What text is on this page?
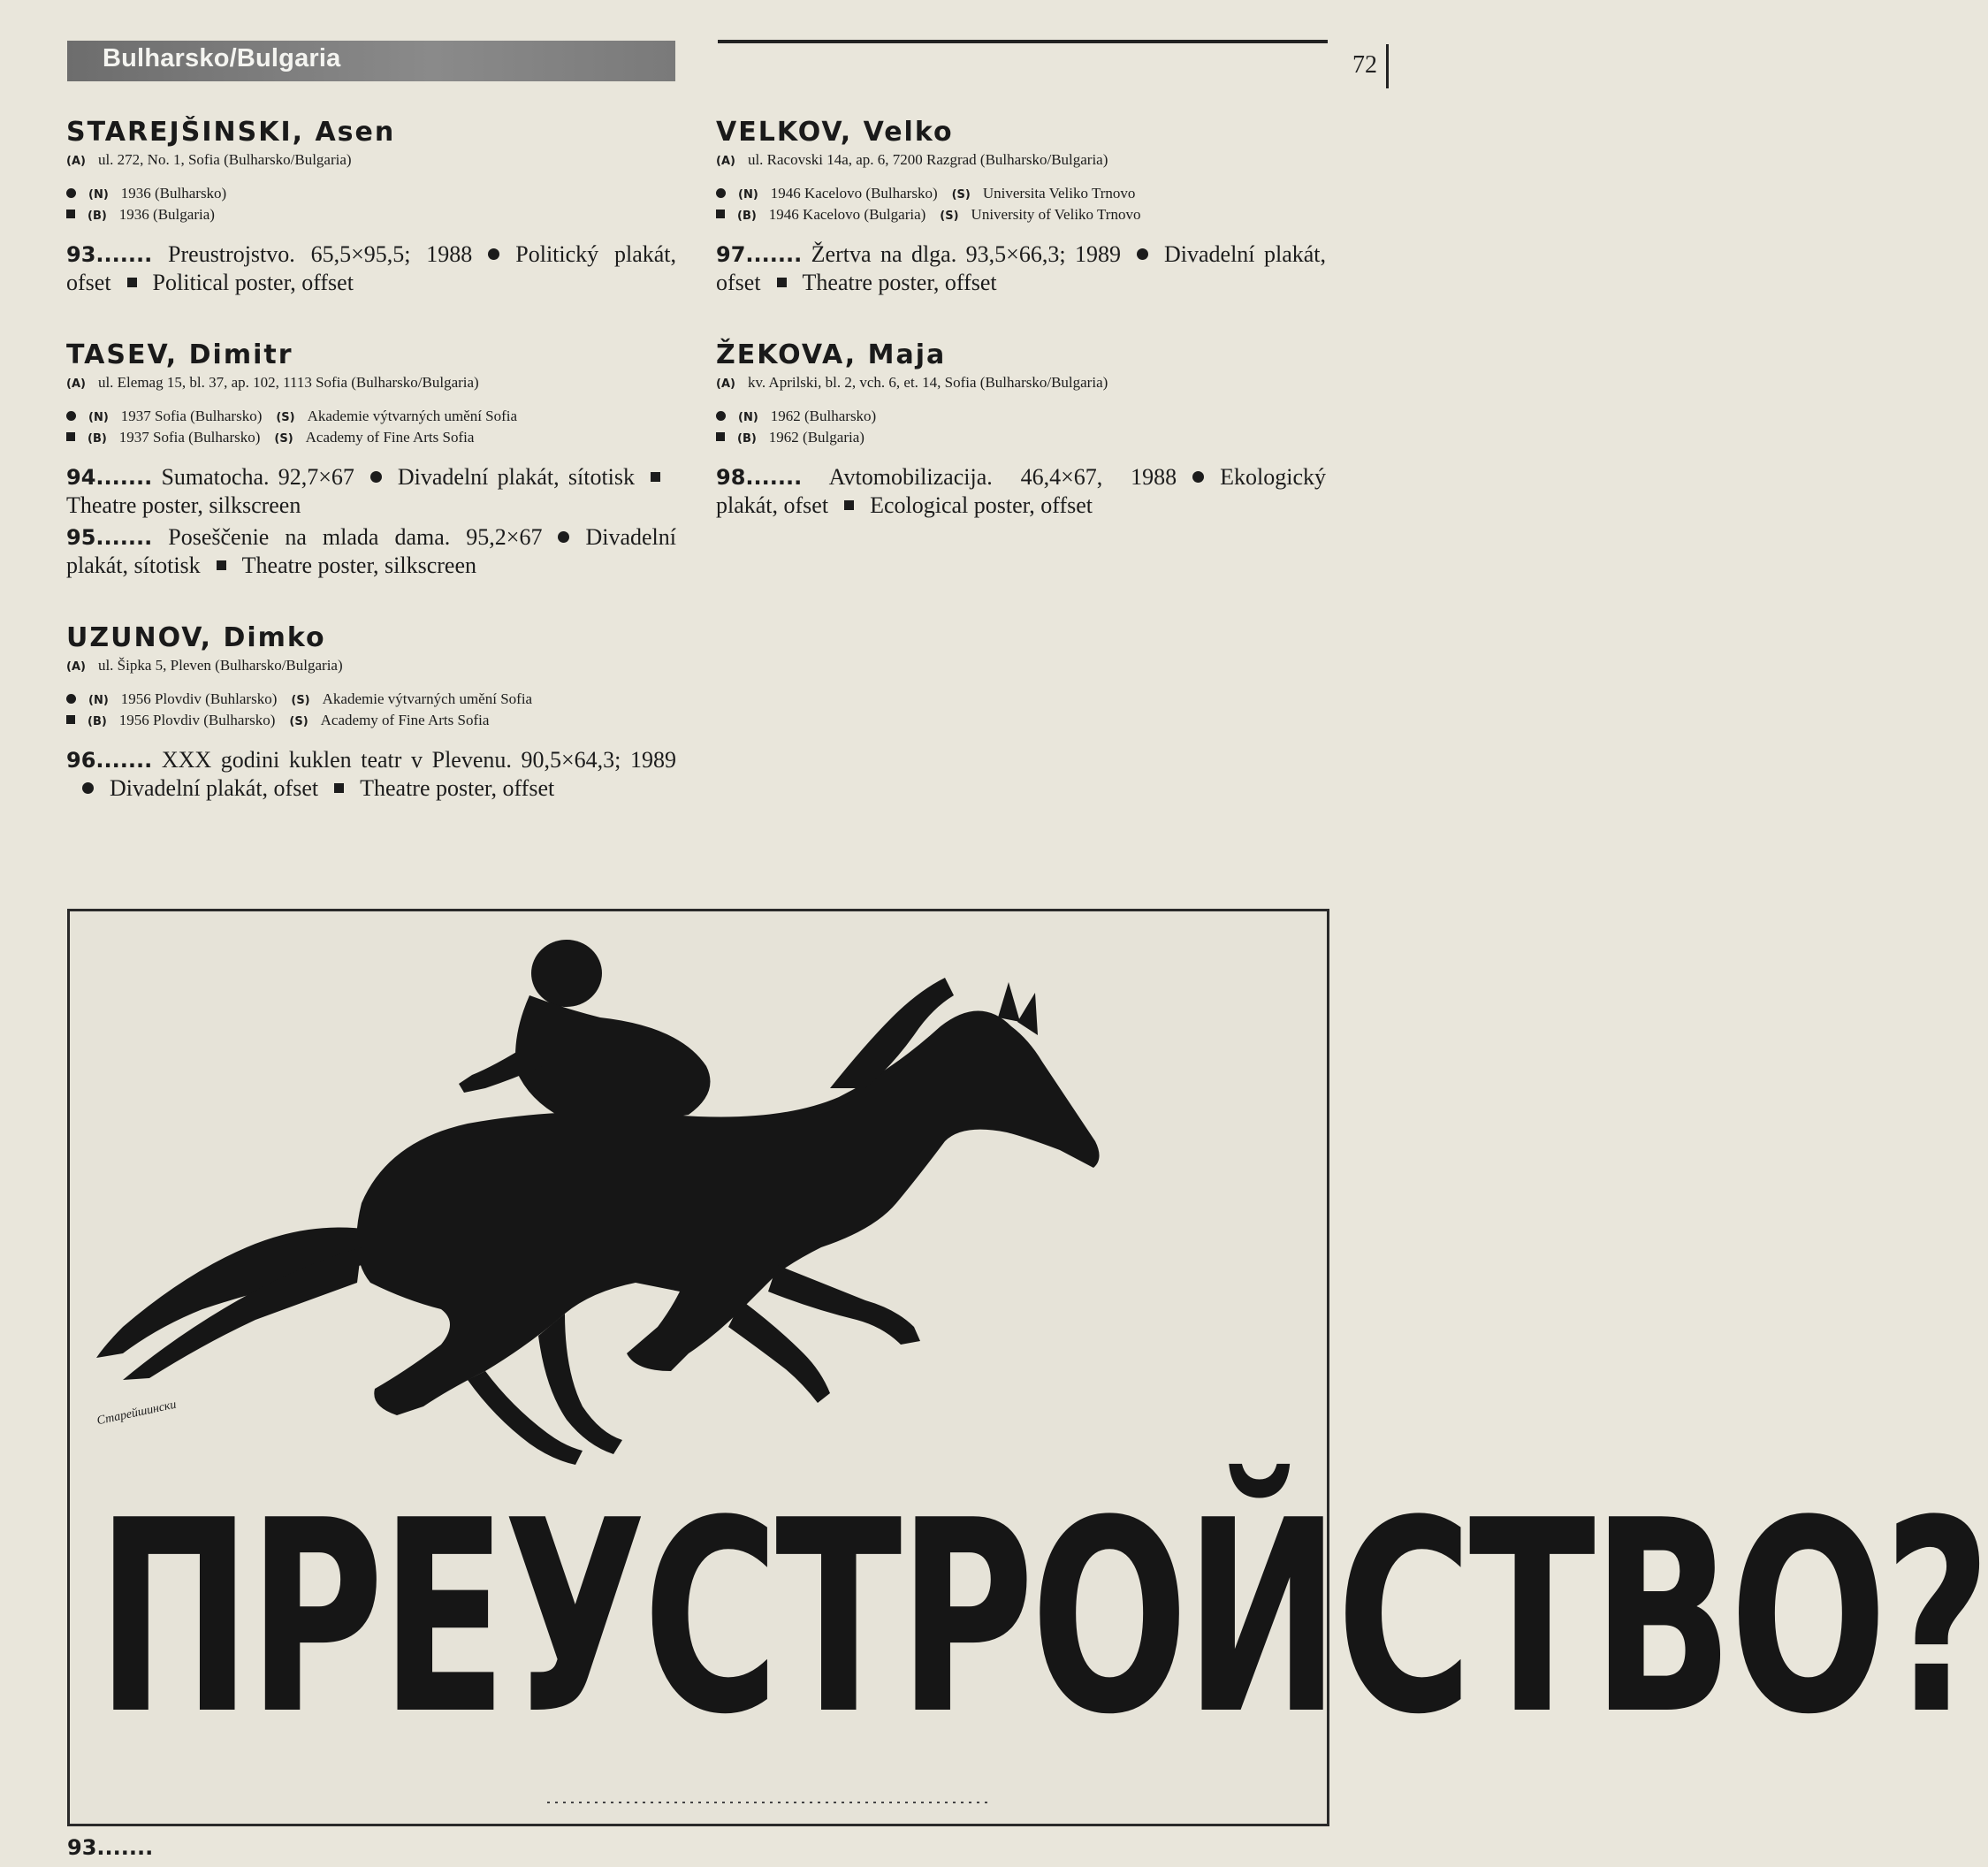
Bulharsko/Bulgaria	72
STAREJŠINSKI, Asen
(A) ul. 272, No. 1, Sofia (Bulharsko/Bulgaria)
(N) 1936 (Bulharsko)
(B) 1936 (Bulgaria)
93....... Preustrojstvo. 65,5×95,5; 1988 Politický plakát, ofset Political poster, offset
TASEV, Dimitr
(A) ul. Elemag 15, bl. 37, ap. 102, 1113 Sofia (Bulharsko/Bulgaria)
(N) 1937 Sofia (Bulharsko) (S) Akademie výtvarných umění Sofia
(B) 1937 Sofia (Bulharsko) (S) Academy of Fine Arts Sofia
94....... Sumatocha. 92,7×67 Divadelní plakát, sítotiskTheatre poster, silkscreen
95....... Poseščenie na mlada dama. 95,2×67 Divadelní plakát, sítotisk Theatre poster, silkscreen
UZUNOV, Dimko
(A) ul. Šipka 5, Pleven (Bulharsko/Bulgaria)
(N) 1956 Plovdiv (Buhlarsko) (S) Akademie výtvarných umění Sofia
(B) 1956 Plovdiv (Bulharsko) (S) Academy of Fine Arts Sofia
96....... XXX godini kuklen teatr v Plevenu. 90,5×64,3; 1989Divadelní plakát, ofset Theatre poster, offset
VELKOV, Velko
(A) ul. Racovski 14a, ap. 6, 7200 Razgrad (Bulharsko/Bulgaria)
(N) 1946 Kacelovo (Bulharsko) (S) Universita Veliko Trnovo
(B) 1946 Kacelovo (Bulgaria) (S) University of Veliko Trnovo
97....... Žertva na dlga. 93,5×66,3; 1989 Divadelní plakát, ofset Theatre poster, offset
ŽEKOVA, Maja
(A) kv. Aprilski, bl. 2, vch. 6, et. 14, Sofia (Bulharsko/Bulgaria)
(N) 1962 (Bulharsko)
(B) 1962 (Bulgaria)
98....... Avtomobilizacija. 46,4×67, 1988 Ekologický plakát, ofset Ecological poster, offset
Старейшински
ПРЕУСТРОЙСТВО?
93.......
